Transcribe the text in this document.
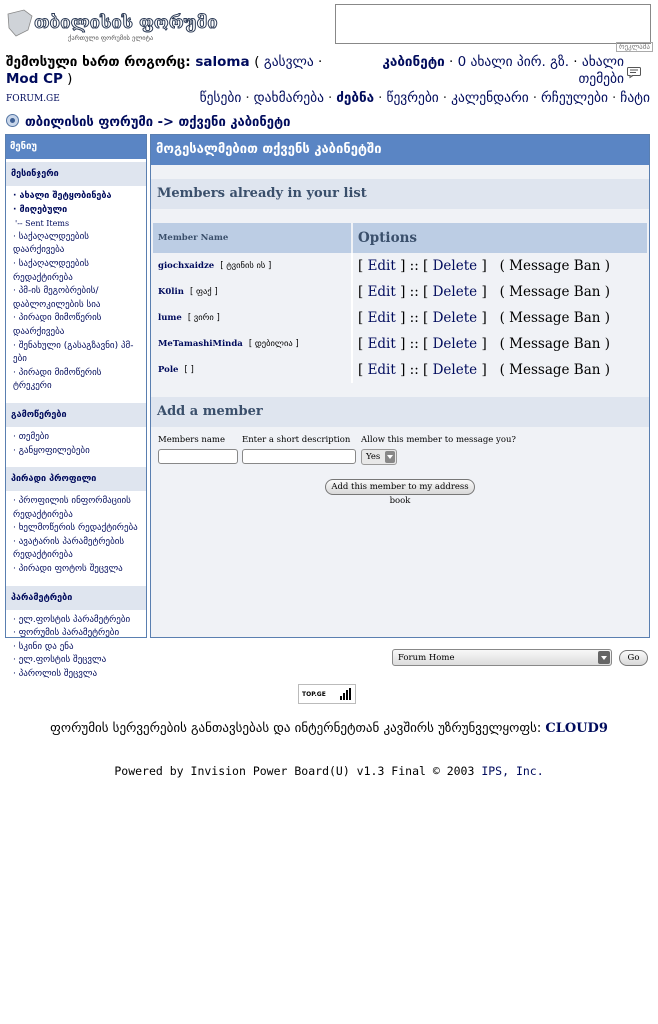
თბილისის ფორუმი
ქართული ფორუმის ელიტა
რეკლამა
შემოსული ხართ როგორც: saloma ( გასვლა · Mod CP )
კაბინეტი · 0 ახალი პირ. გზ. · ახალი თემები
FORUM.GE	წესები · დახმარება · ძებნა · წევრები · კალენდარი · რჩეულები · ჩატი
თბილისის ფორუმი -> თქვენი კაბინეტი
მენიუ
მესინჯერი
· ახალი შეტყობინება
· მიღებული
'-- Sent Items
· საქაღალდეების დაარქივება
· საქაღალდეების რედაქტირება
· პმ-ის მეგობრების/ დაბლოკილების სია
· პირადი მიმოწერის დაარქივება
· შენახული (გასაგზავნი) პმ-ები
· პირადი მიმოწერის ტრეკერი
გამოწერები
· თემები
· განყოფილებები
პირადი პროფილი
· პროფილის ინფორმაციის რედაქტირება
· ხელმოწერის რედაქტირება
· ავატარის პარამეტრების რედაქტირება
· პირადი ფოტოს შეცვლა
პარამეტრები
· ელ.ფოსტის პარამეტრები
· ფორუმის პარამეტრები
· სკინი და ენა
· ელ.ფოსტის შეცვლა
· პაროლის შეცვლა
მოგესალმებით თქვენს კაბინეტში
Members already in your list
Member Name	Options
giochxaidze [ ტვინის ის ]	[ Edit ] :: [ Delete ]   ( Message Ban )
K0lin [ ფაქ ]	[ Edit ] :: [ Delete ]   ( Message Ban )
lume [ ვირი ]	[ Edit ] :: [ Delete ]   ( Message Ban )
MeTamashiMinda [ დებილია ]	[ Edit ] :: [ Delete ]   ( Message Ban )
Pole [ ]	[ Edit ] :: [ Delete ]   ( Message Ban )
Add a member
Members name Enter a short description Allow this member to message you?
Yes
Add this member to my address book
Forum Home	Go
TOP.GE
ფორუმის სერვერების განთავსებას და ინტერნეტთან კავშირს უზრუნველყოფს: CLOUD9
Powered by Invision Power Board(U) v1.3 Final © 2003 IPS, Inc.
